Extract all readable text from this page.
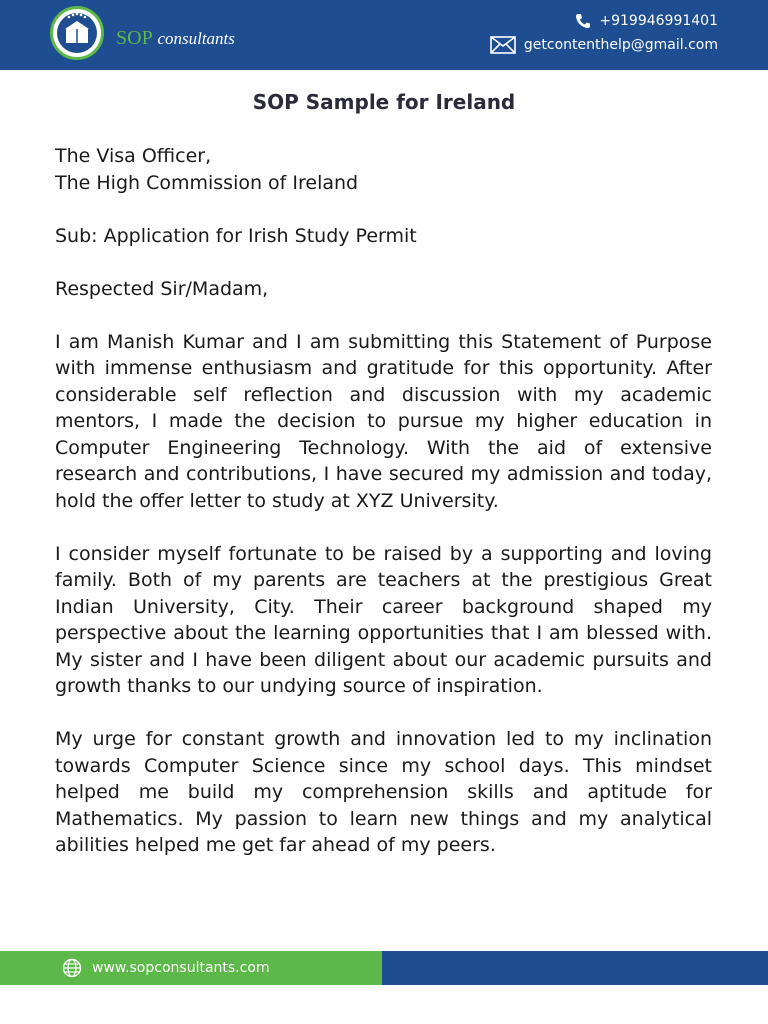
SOP consultants
+919946991401
getcontenthelp@gmail.com
SOP Sample for Ireland

The Visa Officer,

The High Commission of Ireland

Sub: Application for Irish Study Permit

Respected Sir/Madam,

I am Manish Kumar and I am submitting this Statement of Purpose with immense enthusiasm and gratitude for this opportunity. After considerable self reflection and discussion with my academic mentors, I made the decision to pursue my higher education in Computer Engineering Technology. With the aid of extensive research and contributions, I have secured my admission and today, hold the offer letter to study at XYZ University.

I consider myself fortunate to be raised by a supporting and loving family. Both of my parents are teachers at the prestigious Great Indian University, City. Their career background shaped my perspective about the learning opportunities that I am blessed with. My sister and I have been diligent about our academic pursuits and growth thanks to our undying source of inspiration.

My urge for constant growth and innovation led to my inclination towards Computer Science since my school days. This mindset helped me build my comprehension skills and aptitude for Mathematics. My passion to learn new things and my analytical abilities helped me get far ahead of my peers.

www.sopconsultants.com
